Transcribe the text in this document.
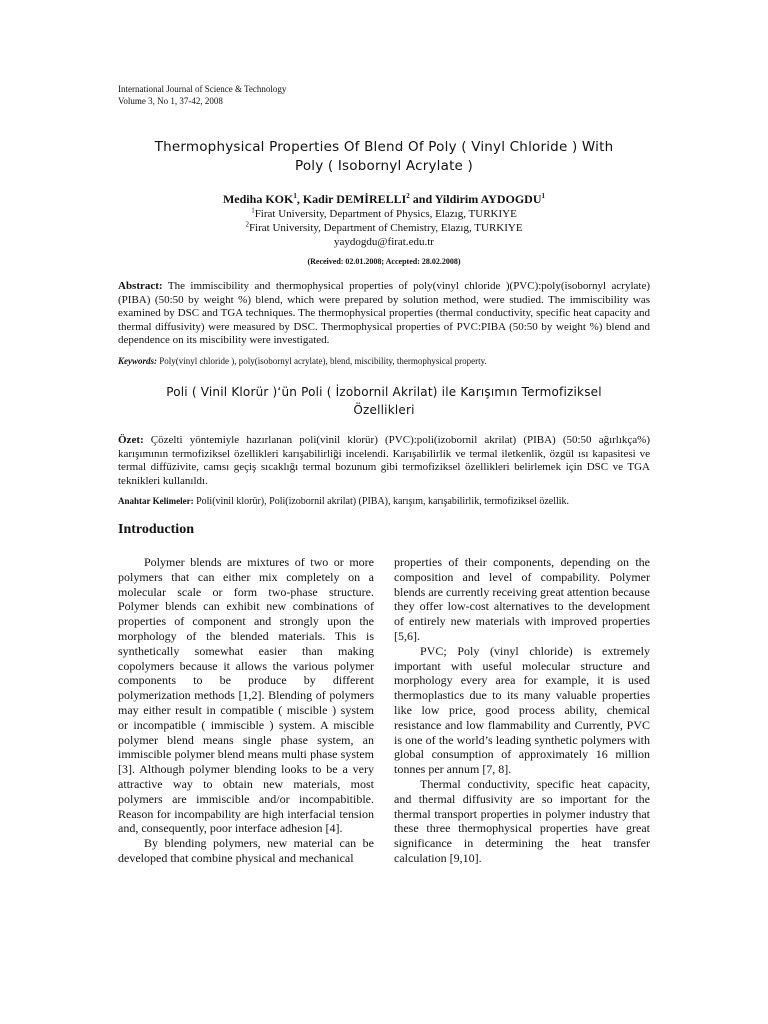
International Journal of Science & Technology
Volume 3, No 1, 37-42, 2008
Thermophysical Properties Of Blend Of Poly ( Vinyl Chloride ) With
Poly ( Isobornyl Acrylate )
Mediha KOK$^1$, Kadir DEMİRELLI$^2$ and Yildirim AYDOGDU$^1$
$^1$Firat University, Department of Physics, Elazıg, TURKIYE
$^2$Firat University, Department of Chemistry, Elazıg, TURKIYE
yaydogdu@firat.edu.tr
(Received: 02.01.2008; Accepted: 28.02.2008)
Abstract: The immiscibility and thermophysical properties of poly(vinyl chloride )(PVC):poly(isobornyl acrylate) (PIBA) (50:50 by weight %) blend, which were prepared by solution method, were studied. The immiscibility was examined by DSC and TGA techniques. The thermophysical properties (thermal conductivity, specific heat capacity and thermal diffusivity) were measured by DSC. Thermophysical properties of PVC:PIBA (50:50 by weight %) blend and dependence on its miscibility were investigated.
Keywords: Poly(vinyl chloride ), poly(isobornyl acrylate), blend, miscibility, thermophysical property.
Poli ( Vinil Klorür )‘ün Poli ( İzobornil Akrilat) ile Karışımın Termofiziksel
Özellikleri
Özet: Çözelti yöntemiyle hazırlanan poli(vinil klorür) (PVC):poli(izobornil akrilat) (PIBA) (50:50 ağırlıkça%) karışımının termofiziksel özellikleri karışabilirliği incelendi. Karışabilirlik ve termal iletkenlik, özgül ısı kapasitesi ve termal diffüzivite, camsı geçiş sıcaklığı termal bozunum gibi termofiziksel özellikleri belirlemek için DSC ve TGA teknikleri kullanıldı.
Anahtar Kelimeler: Poli(vinil klorür), Poli(izobornil akrilat) (PIBA), karışım, karışabilirlik, termofiziksel özellik.
Introduction

Polymer blends are mixtures of two or more polymers that can either mix completely on a molecular scale or form two-phase structure. Polymer blends can exhibit new combinations of properties of component and strongly upon the morphology of the blended materials. This is synthetically somewhat easier than making copolymers because it allows the various polymer components to be produce by different polymerization methods [1,2]. Blending of polymers may either result in compatible ( miscible ) system or incompatible ( immiscible ) system. A miscible polymer blend means single phase system, an immiscible polymer blend means multi phase system [3]. Although polymer blending looks to be a very attractive way to obtain new materials, most polymers are immiscible and/or incompabitible. Reason for incompability are high interfacial tension and, consequently, poor interface adhesion [4].

By blending polymers, new material can be developed that combine physical and mechanical

properties of their components, depending on the composition and level of compability. Polymer blends are currently receiving great attention because they offer low-cost alternatives to the development of entirely new materials with improved properties [5,6].

PVC; Poly (vinyl chloride) is extremely important with useful molecular structure and morphology every area for example, it is used thermoplastics due to its many valuable properties like low price, good process ability, chemical resistance and low flammability and Currently, PVC is one of the world’s leading synthetic polymers with global consumption of approximately 16 million tonnes per annum [7, 8].

Thermal conductivity, specific heat capacity, and thermal diffusivity are so important for the thermal transport properties in polymer industry that these three thermophysical properties have great significance in determining the heat transfer calculation [9,10].
